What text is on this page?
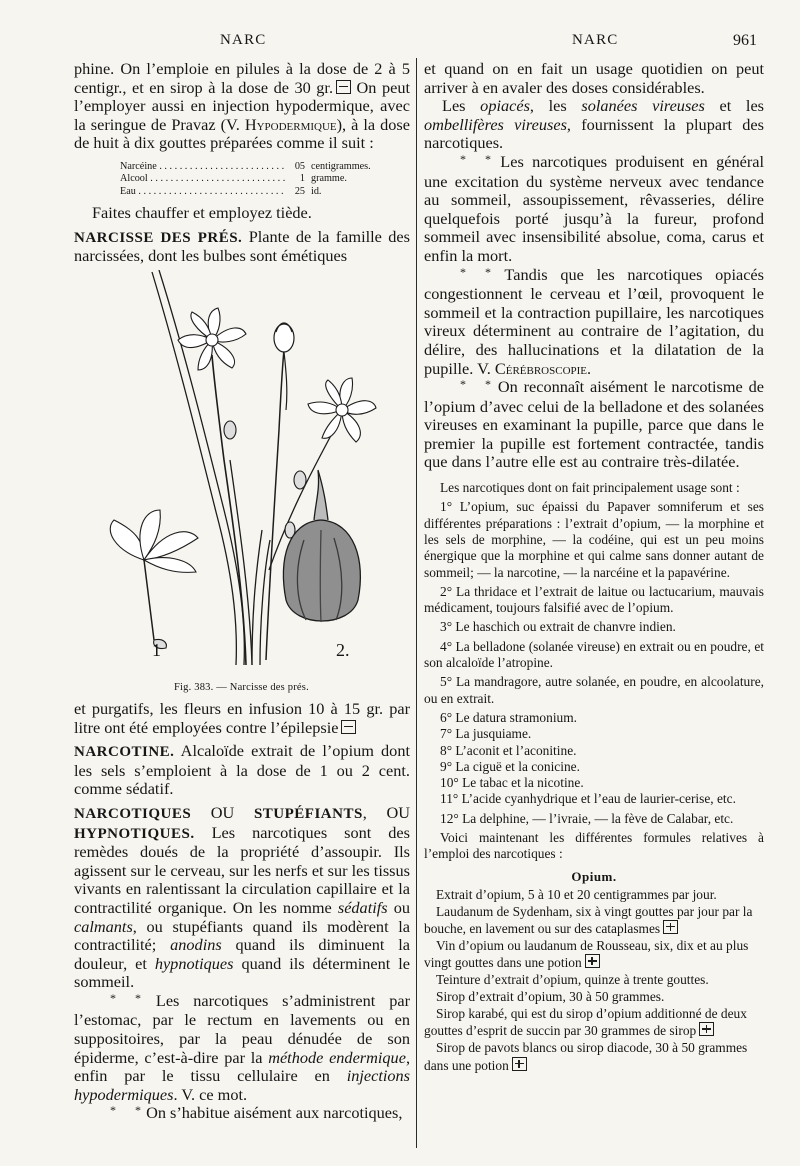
NARC	NARC	961

phine. On l’emploie en pilules à la dose de 2 à 5 centigr., et en sirop à la dose de 30 gr. On peut l’employer aussi en injection hypodermique, avec la seringue de Pravaz (V. Hypodermique), à la dose de huit à dix gouttes préparées comme il suit :

Narcéine . . .	05 centigrammes.
Alcool . . .	1 gramme.
Eau . . .	25 id.

Faites chauffer et employez tiède.

NARCISSE DES PRÉS. Plante de la famille des narcissées, dont les bulbes sont émétiques

1	2.
Fig. 383. — Narcisse des prés.

et purgatifs, les fleurs en infusion 10 à 15 gr. par litre ont été employées contre l’épilepsie

NARCOTINE. Alcaloïde extrait de l’opium dont les sels s’emploient à la dose de 1 ou 2 cent. comme sédatif.

NARCOTIQUES OU STUPÉFIANTS, OU HYPNOTIQUES. Les narcotiques sont des remèdes doués de la propriété d’assoupir. Ils agissent sur le cerveau, sur les nerfs et sur les tissus vivants en ralentissant la circulation capillaire et la contractilité organique. On les nomme sédatifs ou calmants, ou stupéfiants quand ils modèrent la contractilité; anodins quand ils diminuent la douleur, et hypnotiques quand ils déterminent le sommeil.

* * Les narcotiques s’administrent par l’estomac, par le rectum en lavements ou en suppositoires, par la peau dénudée de son épiderme, c’est-à-dire par la méthode endermique, enfin par le tissu cellulaire en injections hypodermiques. V. ce mot.

* * On s’habitue aisément aux narcotiques,

et quand on en fait un usage quotidien on peut arriver à en avaler des doses considérables.

Les opiacés, les solanées vireuses et les ombellifères vireuses, fournissent la plupart des narcotiques.

* * Les narcotiques produisent en général une excitation du système nerveux avec tendance au sommeil, assoupissement, rêvasseries, délire quelquefois porté jusqu’à la fureur, profond sommeil avec insensibilité absolue, coma, carus et enfin la mort.

* * Tandis que les narcotiques opiacés congestionnent le cerveau et l’œil, provoquent le sommeil et la contraction pupillaire, les narcotiques vireux déterminent au contraire de l’agitation, du délire, des hallucinations et la dilatation de la pupille. V. Cérébroscopie.

* * On reconnaît aisément le narcotisme de l’opium d’avec celui de la belladone et des solanées vireuses en examinant la pupille, parce que dans le premier la pupille est fortement contractée, tandis que dans l’autre elle est au contraire très-dilatée.

Les narcotiques dont on fait principalement usage sont :

1° L’opium, suc épaissi du Papaver somniferum et ses différentes préparations : l’extrait d’opium, — la morphine et les sels de morphine, — la codéine, qui est un peu moins énergique que la morphine et qui calme sans donner autant de sommeil; — la narcotine, — la narcéine et la papavérine.

2° La thridace et l’extrait de laitue ou lactucarium, mauvais médicament, toujours falsifié avec de l’opium.

3° Le haschich ou extrait de chanvre indien.

4° La belladone (solanée vireuse) en extrait ou en poudre, et son alcaloïde l’atropine.

5° La mandragore, autre solanée, en poudre, en alcoolature, ou en extrait.

6° Le datura stramonium.

7° La jusquiame.

8° L’aconit et l’aconitine.

9° La ciguë et la conicine.

10° Le tabac et la nicotine.

11° L’acide cyanhydrique et l’eau de laurier-cerise, etc.

12° La delphine, — l’ivraie, — la fève de Calabar, etc.

Voici maintenant les différentes formules relatives à l’emploi des narcotiques :

Opium.

Extrait d’opium, 5 à 10 et 20 centigrammes par jour.

Laudanum de Sydenham, six à vingt gouttes par jour par la bouche, en lavement ou sur des cataplasmes

Vin d’opium ou laudanum de Rousseau, six, dix et au plus vingt gouttes dans une potion

Teinture d’extrait d’opium, quinze à trente gouttes.

Sirop d’extrait d’opium, 30 à 50 grammes.

Sirop karabé, qui est du sirop d’opium additionné de deux gouttes d’esprit de succin par 30 grammes de sirop

Sirop de pavots blancs ou sirop diacode, 30 à 50 grammes dans une potion
